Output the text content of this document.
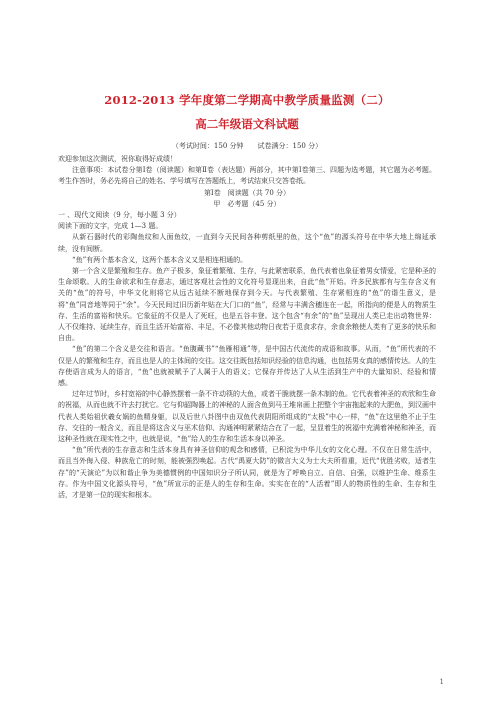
2012-2013 学年度第二学期高中教学质量监测（二）
高二年级语文科试题
（考试时间：150 分钟　　试卷满分：150 分）

欢迎参加这次测试，祝你取得好成绩！

注意事项：本试卷分第Ⅰ卷（阅读题）和第Ⅱ卷（表达题）两部分，其中第Ⅰ卷第三、四题为选考题，其它题为必考题。考生作答时，务必先将自己的姓名、学号填写在答题纸上，考试结束只交答卷纸。

第Ⅰ卷　阅读题（共 70 分）

甲　必考题（45 分）

一 、现代文阅读（9 分，每小题 3 分）

阅读下面的文字，完成 1—3 题。

从新石器时代的彩陶鱼纹和人面鱼纹，一直到今天民间各种剪纸里的鱼，这个“鱼”的源头符号在中华大地上绵延承续，没有间断。

“鱼”有两个基本含义，这两个基本含义又是相连相通的。

第一个含义是繁殖和生存。鱼产子极多，象征着繁殖、生存，与此紧密联系，鱼代表着也象征着男女情爱，它是种圣的生命颂歌。人的生命欲求和生存意志，通过客观社会性的文化符号显现出来，自此“鱼”开始。许多民族都有与生存含义有关的“鱼”的符号，中华文化则将它从远古延续不断地保存到今天。与代表繁殖、生存紧相连的“鱼”的谐生意义，是将“鱼”同音地等同于“余”。今天民间过旧历新年贴在大门口的“鱼”，经常与丰满含穗连在一起，所指向的便是人的物质生存、生活的富裕和快乐。它象征的不仅是人了死旺，也是五谷丰登。这个包含“有余”的“鱼”呈现出人类已走出动物世界：人不仅维持、延续生存，而且生活开始富裕、丰足，不必像其他动物日夜若于觅食求存，余食余粮使人类有了更多的快乐和自由。

“鱼”的第二个含义是交往和语言。“鱼腹藏书”“鱼雁相通”等，是中国古代流传的成语和故事。从而，“鱼”所代表的不仅是人的繁殖和生存，而且也是人的主体间的交往。这交往既包括知识经验的信息沟通，也包括男女真的感情传达。人的生存使语言成为人的语言，“鱼”也就被赋予了人属于人的语义；它保存并传达了人从生活到生产中的大量知识、经验和情感。

过年过节时，乡村宽裕的中心静然摆着一条不许动筷的大鱼，或者干脆就摆一条木制的鱼。它代表着神圣的欢欣和生命的祝福，从而也就不许去打扰它。它与仰韶陶器上的神秘的人面含鱼到马王堆帛画上把整个宇宙拖起来的大肥鱼，到汉画中代表人类始祖伏羲女娲的鱼精身躯，以及后世八卦图中由双鱼代表阴阳所组成的“太极”中心一样，“鱼”在这里绝不止于生存、交往的一般含义，而且是将这含义与巫术信仰、沟通神明紧紧结合在了一起，呈显着生的祝福中充满着神秘和神圣，而这种圣性就在现实性之中，也就是说，“鱼”给人的生存和生活本身以神圣。

“鱼”所代表的生存意志和生活本身具有神圣信仰的观念和感情，已积淀为中华儿女的文化心理。不仅在日常生活中，而且当外侮入侵、种族危亡的时刻，能被强烈唤起。古代“禹夏大防”的微言大义为士大夫所看重，近代“优胜劣败，适者生存”的“天演论”为以和谐止争为美德惯例的中国知识分子所认同，就是为了呼唤自立、自信、自强，以维护生命、维系生存。作为中国文化源头符号，“鱼”所宣示的正是人的生存和生命。实实在在的“人活着”即人的物质性的生命、生存和生活，才是第一位的现实和根本。

1
